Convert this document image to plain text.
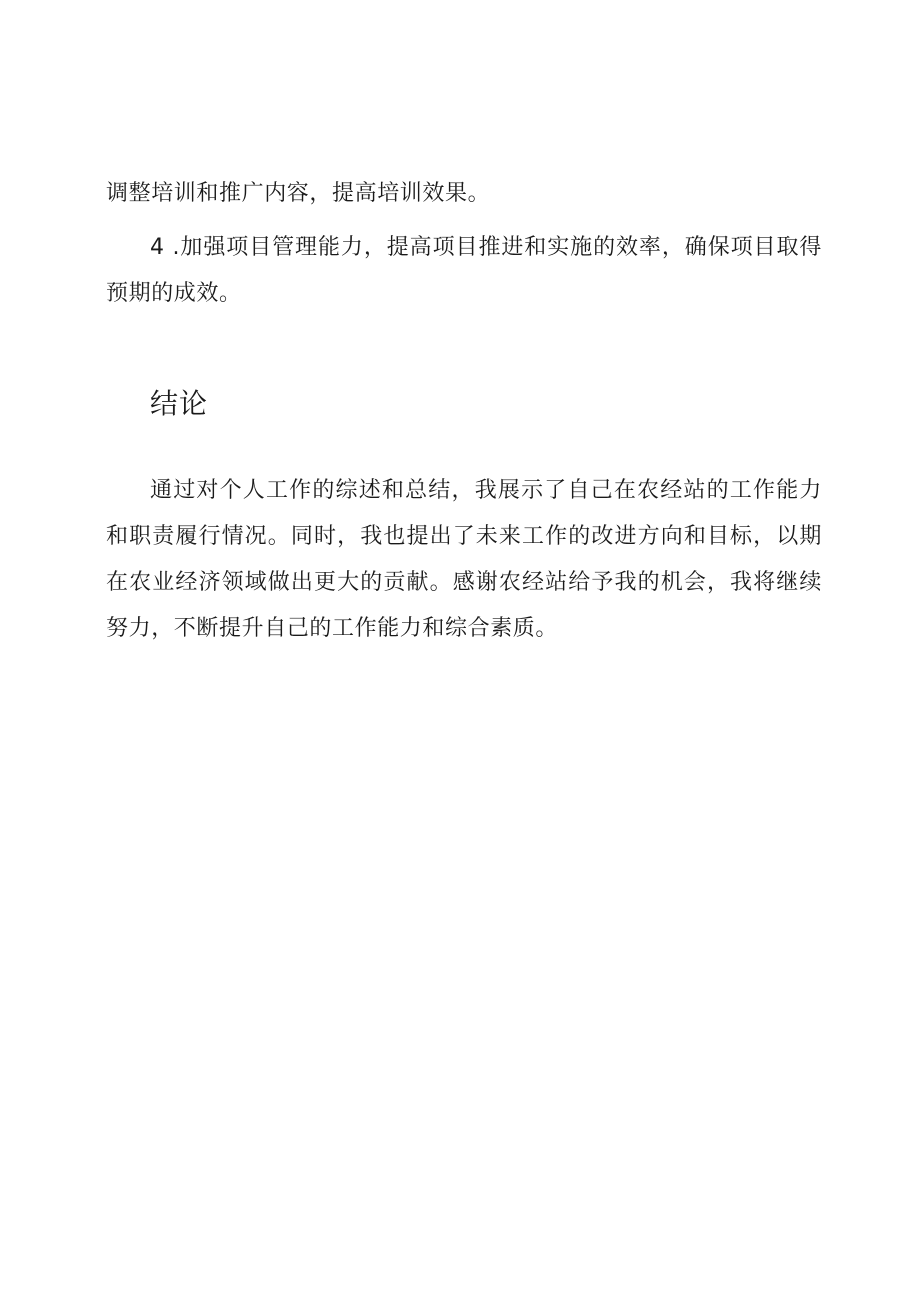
调整培训和推广内容，提高培训效果。

4 .加强项目管理能力，提高项目推进和实施的效率，确保项目取得预期的成效。

结论

通过对个人工作的综述和总结，我展示了自己在农经站的工作能力和职责履行情况。同时，我也提出了未来工作的改进方向和目标，以期在农业经济领域做出更大的贡献。感谢农经站给予我的机会，我将继续努力，不断提升自己的工作能力和综合素质。
